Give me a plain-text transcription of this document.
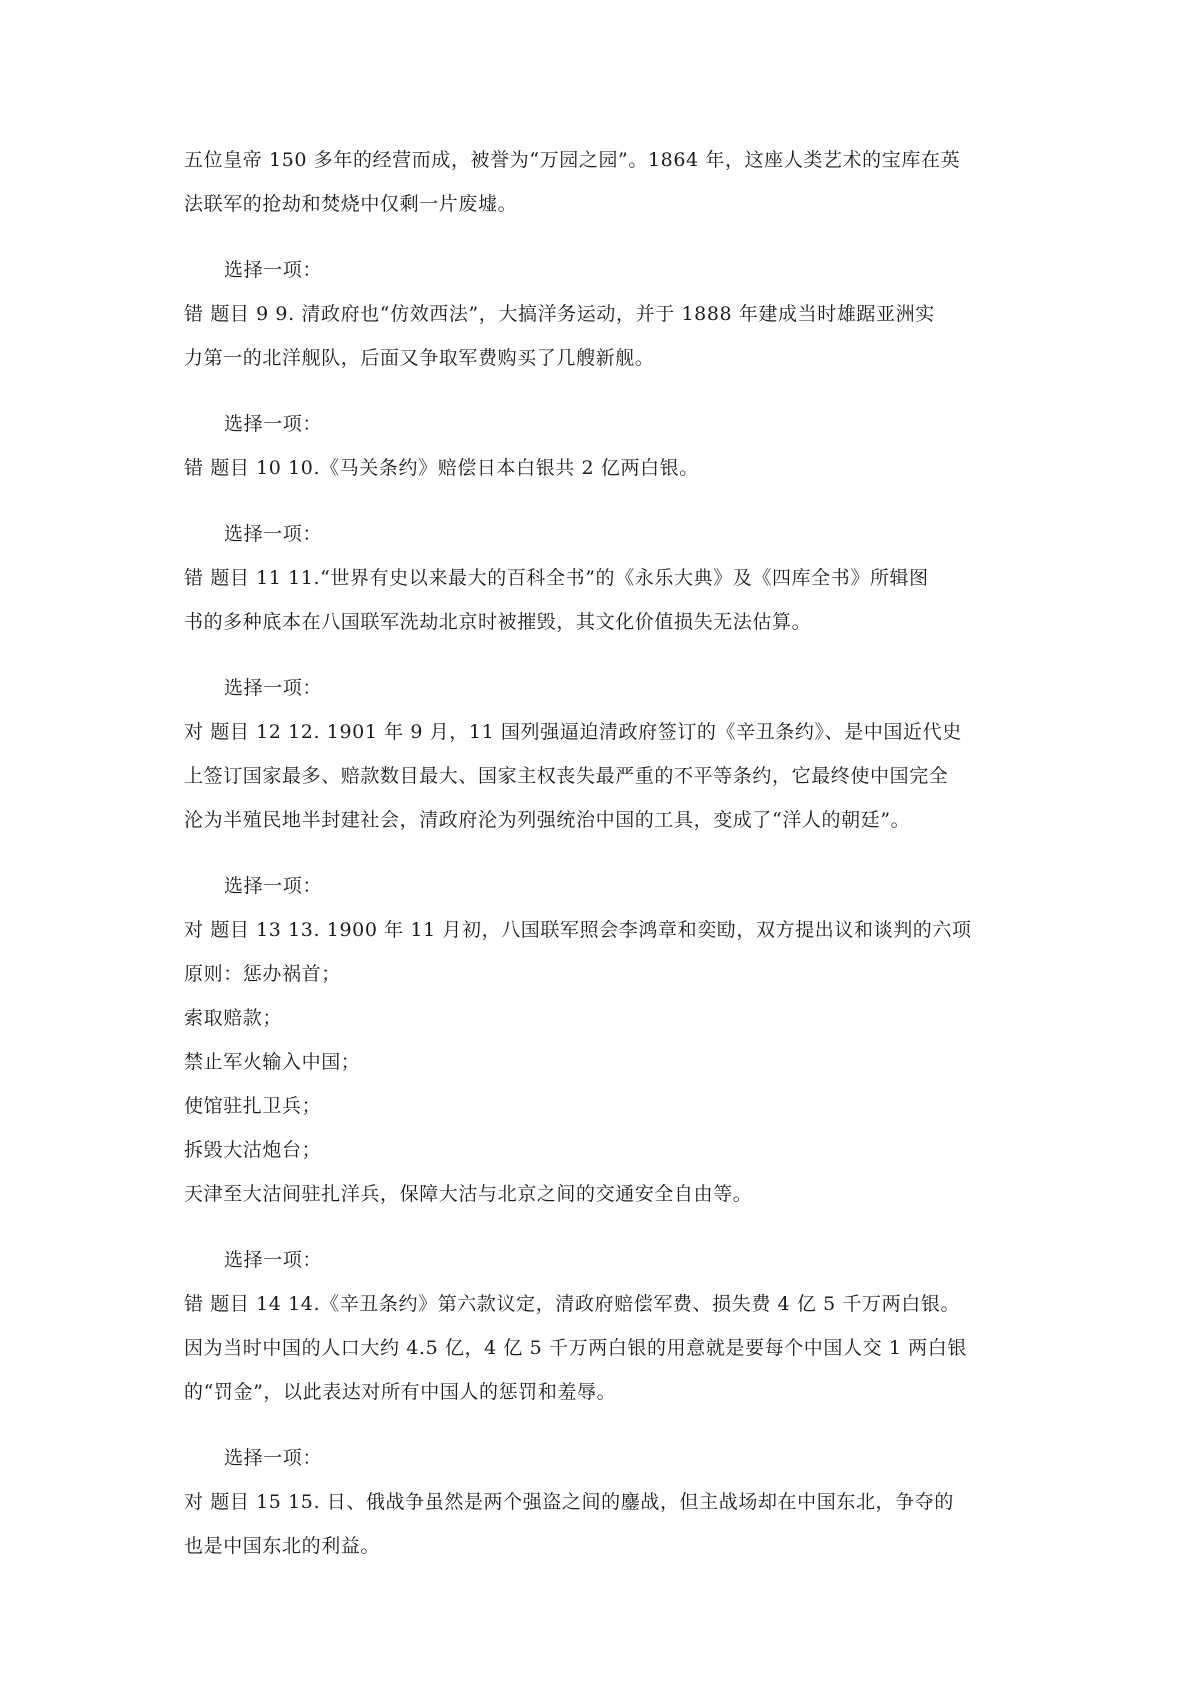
五位皇帝 150 多年的经营而成，被誉为“万园之园”。1864 年，这座人类艺术的宝库在英
法联军的抢劫和焚烧中仅剩一片废墟。
选择一项：
错 题目 9 9. 清政府也“仿效西法”，大搞洋务运动，并于 1888 年建成当时雄踞亚洲实
力第一的北洋舰队，后面又争取军费购买了几艘新舰。
选择一项：
错 题目 10 10.《马关条约》赔偿日本白银共 2 亿两白银。
选择一项：
错 题目 11 11.“世界有史以来最大的百科全书”的《永乐大典》及《四库全书》所辑图
书的多种底本在八国联军洗劫北京时被摧毁，其文化价值损失无法估算。
选择一项：
对 题目 12 12. 1901 年 9 月，11 国列强逼迫清政府签订的《辛丑条约》、是中国近代史
上签订国家最多、赔款数目最大、国家主权丧失最严重的不平等条约，它最终使中国完全
沦为半殖民地半封建社会，清政府沦为列强统治中国的工具，变成了“洋人的朝廷”。
选择一项：
对 题目 13 13. 1900 年 11 月初，八国联军照会李鸿章和奕劻，双方提出议和谈判的六项
原则：惩办祸首；
索取赔款；
禁止军火输入中国；
使馆驻扎卫兵；
拆毁大沽炮台；
天津至大沽间驻扎洋兵，保障大沽与北京之间的交通安全自由等。
选择一项：
错 题目 14 14.《辛丑条约》第六款议定，清政府赔偿军费、损失费 4 亿 5 千万两白银。
因为当时中国的人口大约 4.5 亿，4 亿 5 千万两白银的用意就是要每个中国人交 1 两白银
的“罚金”，以此表达对所有中国人的惩罚和羞辱。
选择一项：
对 题目 15 15. 日、俄战争虽然是两个强盗之间的鏖战，但主战场却在中国东北，争夺的
也是中国东北的利益。
